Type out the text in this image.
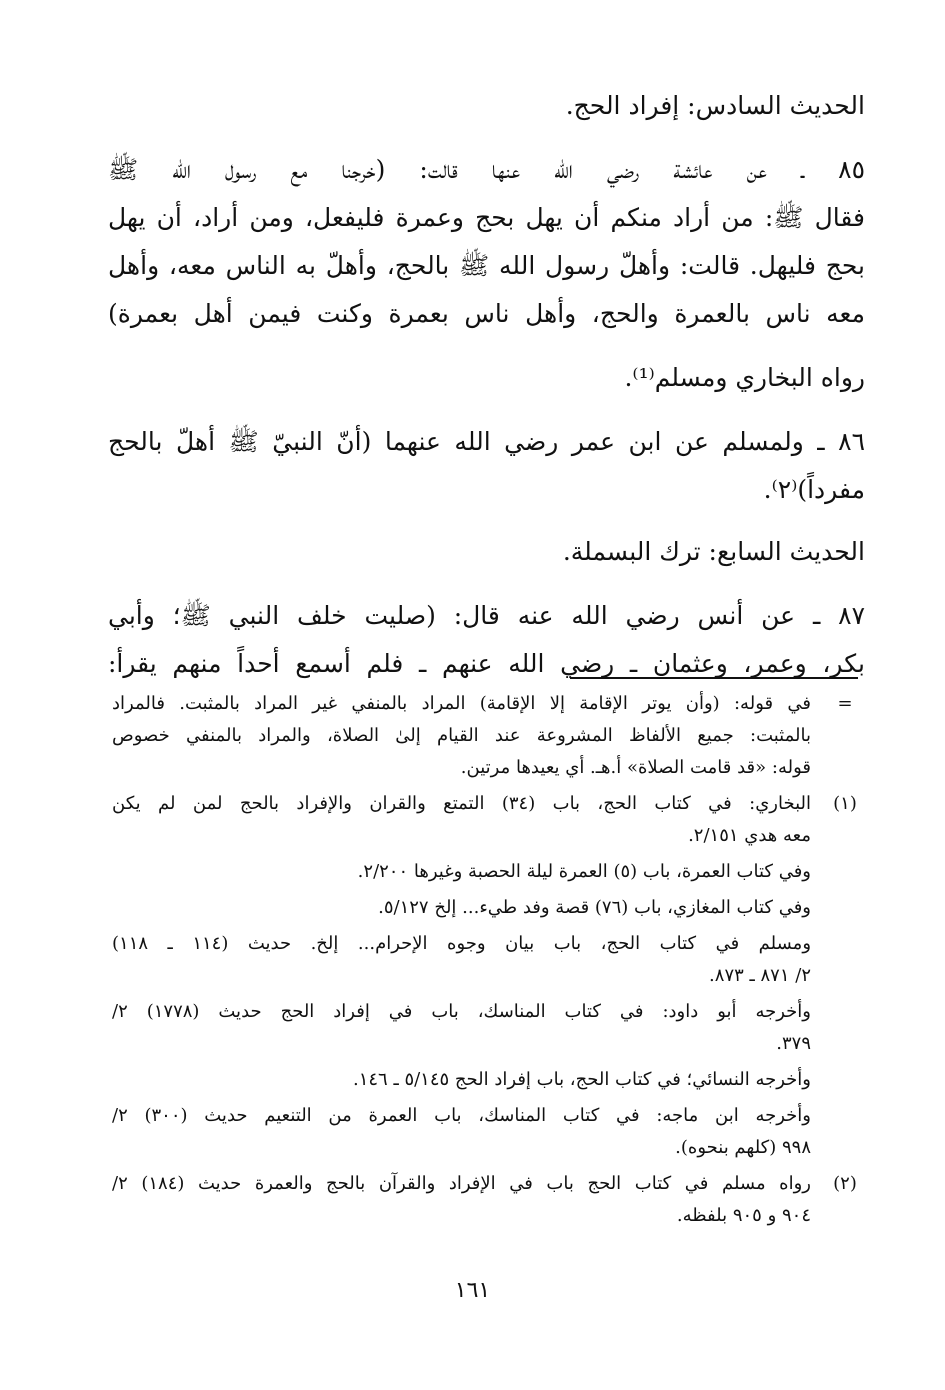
الحديث السادس: إفراد الحج.
٨٥ ـ عن عائشة رضي الله عنها قالت: (خرجنا مع رسول الله ﷺ
فقال ﷺ: من أراد منكم أن يهل بحج وعمرة فليفعل، ومن أراد، أن يهل
بحج فليهل. قالت: وأهلّ رسول الله ﷺ بالحج، وأهلّ به الناس معه، وأهل
معه ناس بالعمرة والحج، وأهل ناس بعمرة وكنت فيمن أهل بعمرة)
رواه البخاري ومسلم⁽¹⁾.
٨٦ ـ ولمسلم عن ابن عمر رضي الله عنهما (أنّ النبيّ ﷺ أهلّ بالحج
مفرداً)⁽٢⁾.
الحديث السابع: ترك البسملة.
٨٧ ـ عن أنس رضي الله عنه قال: (صليت خلف النبي ﷺ؛ وأبي
بكر، وعمر، وعثمان ـ رضي الله عنهم ـ فلم أسمع أحداً منهم يقرأ:
=
في قوله: (وأن يوتر الإقامة إلا الإقامة) المراد بالمنفي غير المراد بالمثبت. فالمراد
بالمثبت: جميع الألفاظ المشروعة عند القيام إلىٰ الصلاة، والمراد بالمنفي خصوص
قوله: «قد قامت الصلاة» أ.هـ. أي يعيدها مرتين.
(١)
البخاري: في كتاب الحج، باب (٣٤) التمتع والقران والإفراد بالحج لمن لم يكن
معه هدي ٢/١٥١.
وفي كتاب العمرة، باب (٥) العمرة ليلة الحصبة وغيرها ٢/٢٠٠.
وفي كتاب المغازي، باب (٧٦) قصة وفد طيء... إلخ ٥/١٢٧.
ومسلم في كتاب الحج، باب بيان وجوه الإحرام... إلخ. حديث (١١٤ ـ ١١٨)
٢/ ٨٧١ ـ ٨٧٣.
وأخرجه أبو داود: في كتاب المناسك، باب في إفراد الحج حديث (١٧٧٨) ٢/
٣٧٩.
وأخرجه النسائي؛ في كتاب الحج، باب إفراد الحج ٥/١٤٥ ـ ١٤٦.
وأخرجه ابن ماجه: في كتاب المناسك، باب العمرة من التنعيم حديث (٣٠٠) ٢/
٩٩٨ (كلهم بنحوه).
(٢)
رواه مسلم في كتاب الحج باب في الإفراد والقرآن بالحج والعمرة حديث (١٨٤) ٢/
٩٠٤ و ٩٠٥ بلفظه.
١٦١
